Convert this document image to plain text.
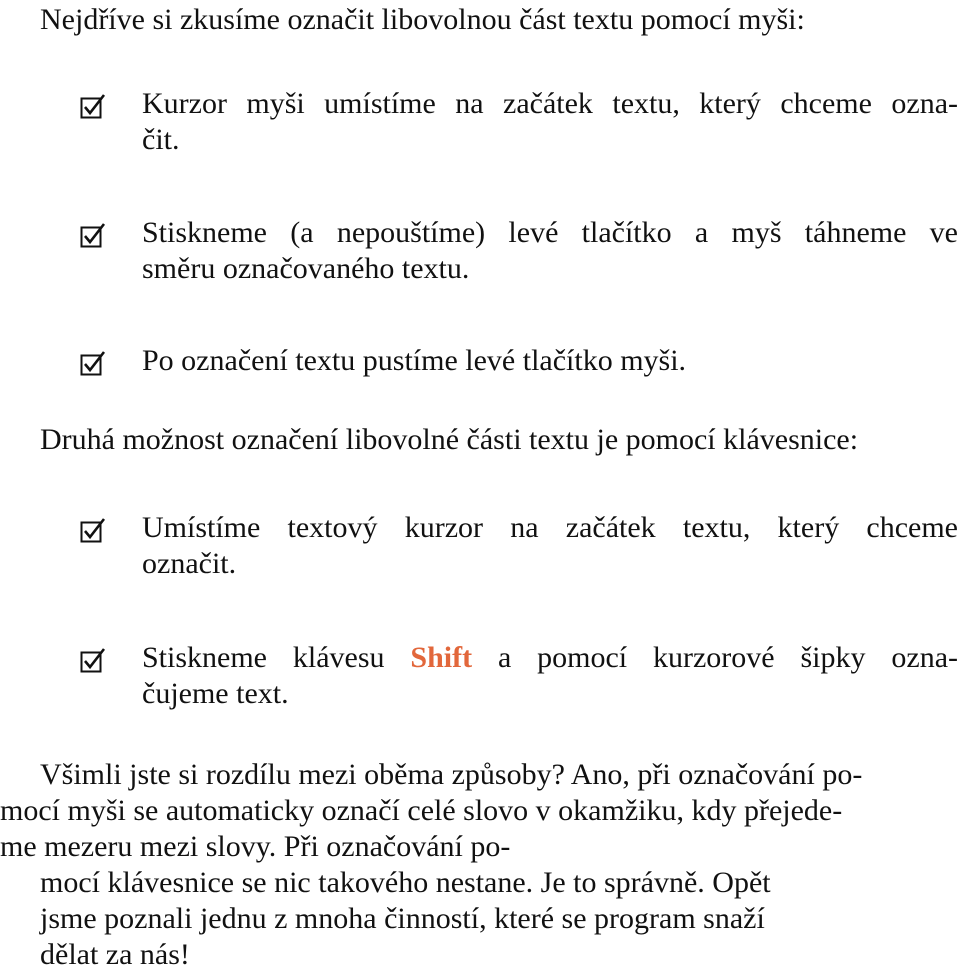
Nejdříve si zkusíme označit libovolnou část textu pomocí myši:
Kurzor myši umístíme na začátek textu, který chceme ozna-
čit.
Stiskneme (a nepouštíme) levé tlačítko a myš táhneme ve
směru označovaného textu.
Po označení textu pustíme levé tlačítko myši.
Druhá možnost označení libovolné části textu je pomocí klávesnice:
Umístíme textový kurzor na začátek textu, který chceme
označit.
Stiskneme klávesu Shift a pomocí kurzorové šipky ozna-
čujeme text.
Všimli jste si rozdílu mezi oběma způsoby? Ano, při označování po-
mocí myši se automaticky označí celé slovo v okamžiku, kdy přejede-
me mezeru mezi slovy. Při označování po-
mocí klávesnice se nic takového nestane. Je to správně. Opět
jsme poznali jednu z mnoha činností, které se program snaží
dělat za nás!
